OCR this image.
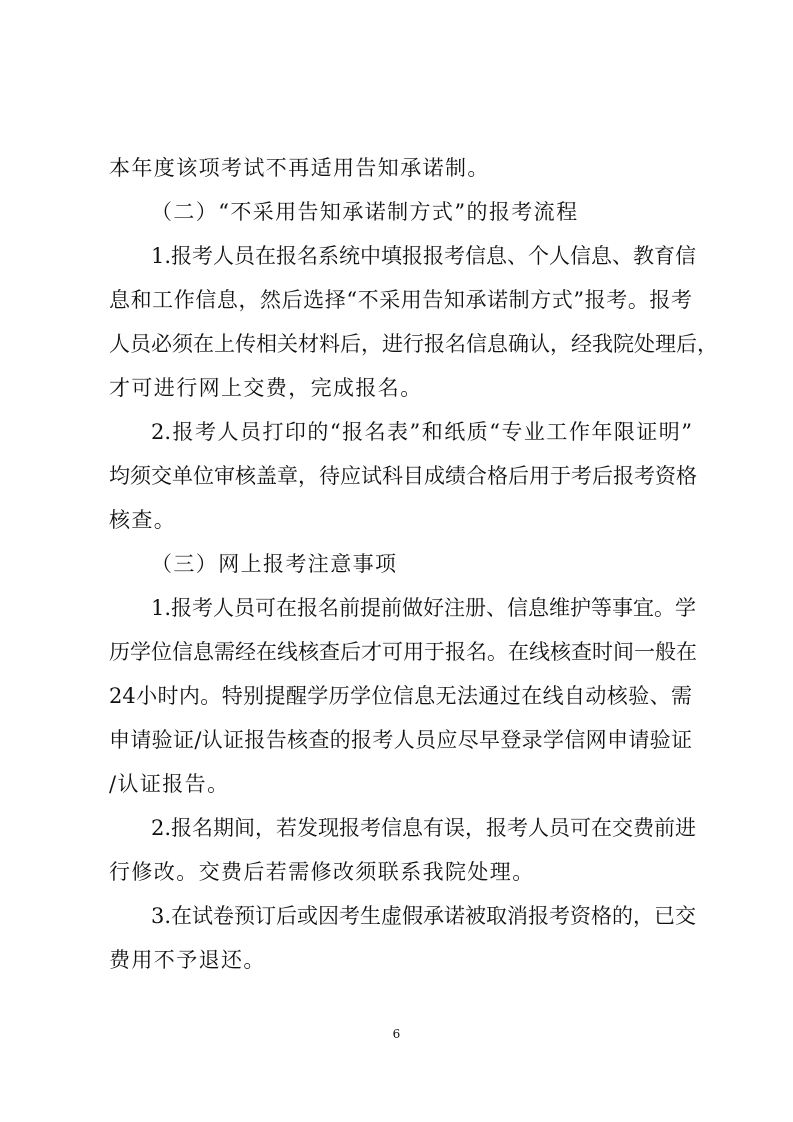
本年度该项考试不再适用告知承诺制。

（二）“不采用告知承诺制方式”的报考流程

1.报考人员在报名系统中填报报考信息、个人信息、教育信

息和工作信息，然后选择“不采用告知承诺制方式”报考。报考

人员必须在上传相关材料后，进行报名信息确认，经我院处理后，

才可进行网上交费，完成报名。

2.报考人员打印的“报名表”和纸质“专业工作年限证明”

均须交单位审核盖章，待应试科目成绩合格后用于考后报考资格

核查。

（三）网上报考注意事项

1.报考人员可在报名前提前做好注册、信息维护等事宜。学

历学位信息需经在线核查后才可用于报名。在线核查时间一般在

24小时内。特别提醒学历学位信息无法通过在线自动核验、需

申请验证/认证报告核查的报考人员应尽早登录学信网申请验证

/认证报告。

2.报名期间，若发现报考信息有误，报考人员可在交费前进

行修改。交费后若需修改须联系我院处理。

3.在试卷预订后或因考生虚假承诺被取消报考资格的，已交

费用不予退还。

6
